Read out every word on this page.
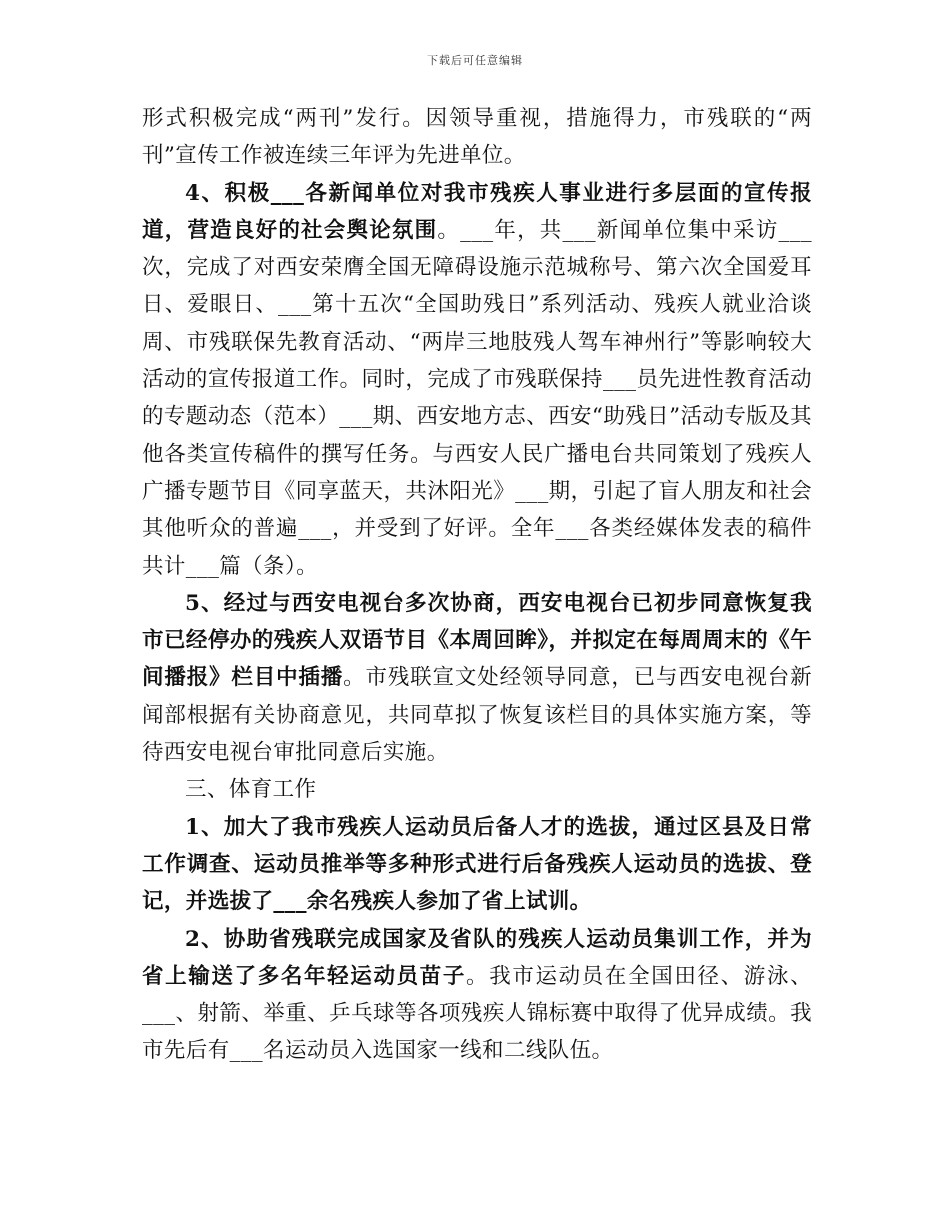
下载后可任意编辑

形式积极完成“两刊”发行。因领导重视，措施得力，市残联的“两刊”宣传工作被连续三年评为先进单位。

4、积极___各新闻单位对我市残疾人事业进行多层面的宣传报道，营造良好的社会舆论氛围。___年，共___新闻单位集中采访___次，完成了对西安荣膺全国无障碍设施示范城称号、第六次全国爱耳日、爱眼日、___第十五次“全国助残日”系列活动、残疾人就业洽谈周、市残联保先教育活动、“两岸三地肢残人驾车神州行”等影响较大活动的宣传报道工作。同时，完成了市残联保持___员先进性教育活动的专题动态（范本）___期、西安地方志、西安“助残日”活动专版及其他各类宣传稿件的撰写任务。与西安人民广播电台共同策划了残疾人广播专题节目《同享蓝天，共沐阳光》___期，引起了盲人朋友和社会其他听众的普遍___，并受到了好评。全年___各类经媒体发表的稿件共计___篇（条）。

5、经过与西安电视台多次协商，西安电视台已初步同意恢复我市已经停办的残疾人双语节目《本周回眸》，并拟定在每周周末的《午间播报》栏目中插播。市残联宣文处经领导同意，已与西安电视台新闻部根据有关协商意见，共同草拟了恢复该栏目的具体实施方案，等待西安电视台审批同意后实施。

三、体育工作

1、加大了我市残疾人运动员后备人才的选拔，通过区县及日常工作调查、运动员推举等多种形式进行后备残疾人运动员的选拔、登记，并选拔了___余名残疾人参加了省上试训。

2、协助省残联完成国家及省队的残疾人运动员集训工作，并为省上输送了多名年轻运动员苗子。我市运动员在全国田径、游泳、___、射箭、举重、乒乓球等各项残疾人锦标赛中取得了优异成绩。我市先后有___名运动员入选国家一线和二线队伍。
